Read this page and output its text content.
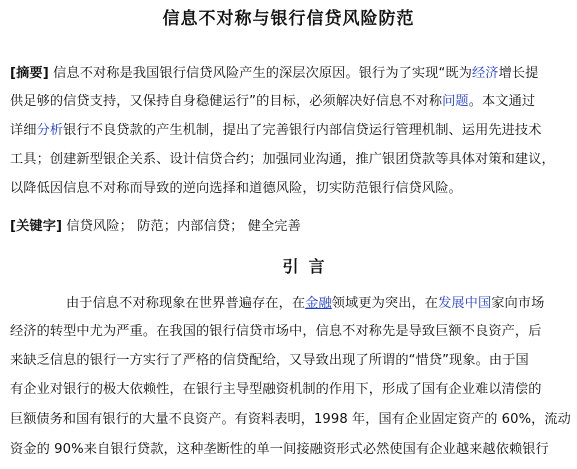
信息不对称与银行信贷风险防范
[摘要] 信息不对称是我国银行信贷风险产生的深层次原因。银行为了实现“既为经济增长提
供足够的信贷支持，又保持自身稳健运行”的目标，必须解决好信息不对称问题。本文通过
详细分析银行不良贷款的产生机制，提出了完善银行内部信贷运行管理机制、运用先进技术
工具；创建新型银企关系、设计信贷合约；加强同业沟通，推广银团贷款等具体对策和建议，
以降低因信息不对称而导致的逆向选择和道德风险，切实防范银行信贷风险。
[关键字] 信贷风险； 防范；内部信贷； 健全完善
引言
由于信息不对称现象在世界普遍存在，在金融领域更为突出，在发展中国家向市场
经济的转型中尤为严重。在我国的银行信贷市场中，信息不对称先是导致巨额不良资产，后
来缺乏信息的银行一方实行了严格的信贷配给，又导致出现了所谓的“惜贷”现象。由于国
有企业对银行的极大依赖性，在银行主导型融资机制的作用下，形成了国有企业难以清偿的
巨额债务和国有银行的大量不良资产。有资料表明，1998 年，国有企业固定资产的 60%，流动
资金的 90%来自银行贷款，这种垄断性的单一间接融资形式必然使国有企业越来越依赖银行
